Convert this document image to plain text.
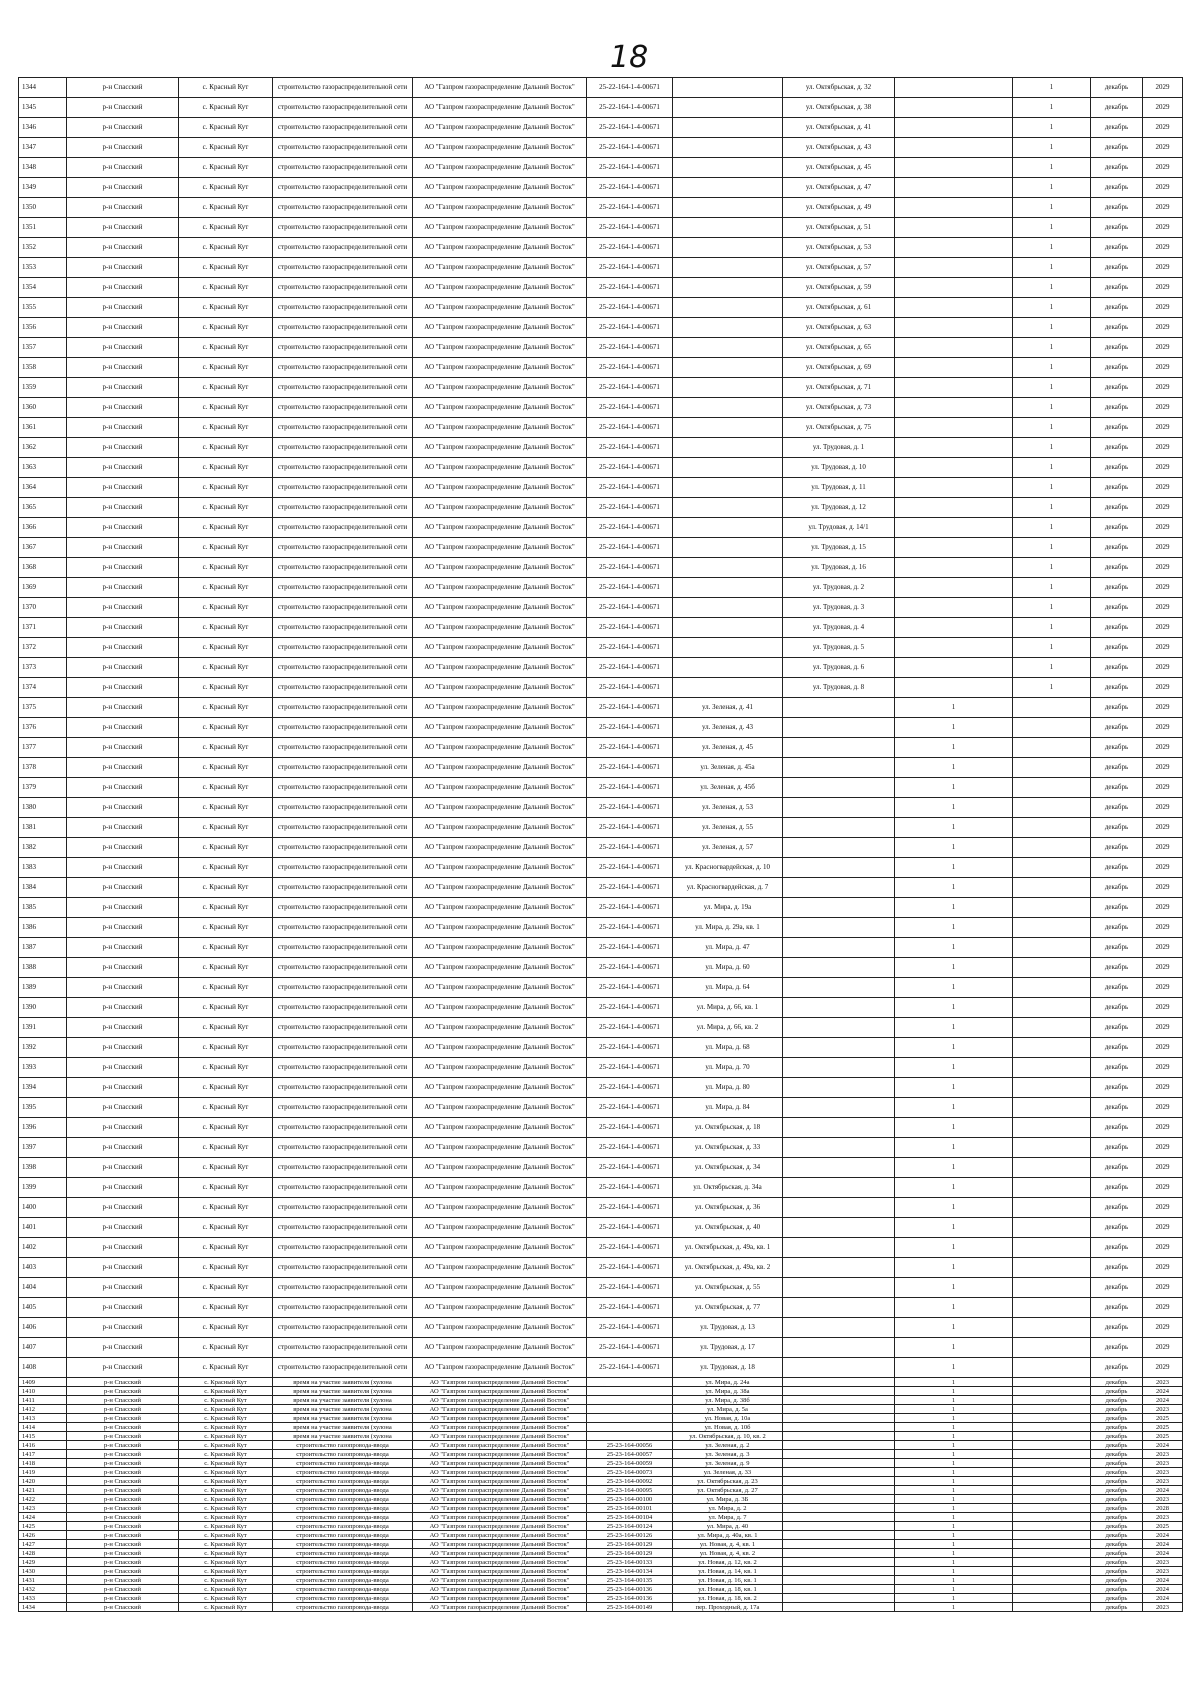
18
1344	р-н Спасский	с. Красный Кут	строительство газораспределительной сети	АО "Газпром газораспределение Дальний Восток"	25-22-164-1-4-00671		ул. Октябрьская, д. 32		1	декабрь	2029
1345	р-н Спасский	с. Красный Кут	строительство газораспределительной сети	АО "Газпром газораспределение Дальний Восток"	25-22-164-1-4-00671		ул. Октябрьская, д. 38		1	декабрь	2029
1346	р-н Спасский	с. Красный Кут	строительство газораспределительной сети	АО "Газпром газораспределение Дальний Восток"	25-22-164-1-4-00671		ул. Октябрьская, д. 41		1	декабрь	2029
1347	р-н Спасский	с. Красный Кут	строительство газораспределительной сети	АО "Газпром газораспределение Дальний Восток"	25-22-164-1-4-00671		ул. Октябрьская, д. 43		1	декабрь	2029
1348	р-н Спасский	с. Красный Кут	строительство газораспределительной сети	АО "Газпром газораспределение Дальний Восток"	25-22-164-1-4-00671		ул. Октябрьская, д. 45		1	декабрь	2029
1349	р-н Спасский	с. Красный Кут	строительство газораспределительной сети	АО "Газпром газораспределение Дальний Восток"	25-22-164-1-4-00671		ул. Октябрьская, д. 47		1	декабрь	2029
1350	р-н Спасский	с. Красный Кут	строительство газораспределительной сети	АО "Газпром газораспределение Дальний Восток"	25-22-164-1-4-00671		ул. Октябрьская, д. 49		1	декабрь	2029
1351	р-н Спасский	с. Красный Кут	строительство газораспределительной сети	АО "Газпром газораспределение Дальний Восток"	25-22-164-1-4-00671		ул. Октябрьская, д. 51		1	декабрь	2029
1352	р-н Спасский	с. Красный Кут	строительство газораспределительной сети	АО "Газпром газораспределение Дальний Восток"	25-22-164-1-4-00671		ул. Октябрьская, д. 53		1	декабрь	2029
1353	р-н Спасский	с. Красный Кут	строительство газораспределительной сети	АО "Газпром газораспределение Дальний Восток"	25-22-164-1-4-00671		ул. Октябрьская, д. 57		1	декабрь	2029
1354	р-н Спасский	с. Красный Кут	строительство газораспределительной сети	АО "Газпром газораспределение Дальний Восток"	25-22-164-1-4-00671		ул. Октябрьская, д. 59		1	декабрь	2029
1355	р-н Спасский	с. Красный Кут	строительство газораспределительной сети	АО "Газпром газораспределение Дальний Восток"	25-22-164-1-4-00671		ул. Октябрьская, д. 61		1	декабрь	2029
1356	р-н Спасский	с. Красный Кут	строительство газораспределительной сети	АО "Газпром газораспределение Дальний Восток"	25-22-164-1-4-00671		ул. Октябрьская, д. 63		1	декабрь	2029
1357	р-н Спасский	с. Красный Кут	строительство газораспределительной сети	АО "Газпром газораспределение Дальний Восток"	25-22-164-1-4-00671		ул. Октябрьская, д. 65		1	декабрь	2029
1358	р-н Спасский	с. Красный Кут	строительство газораспределительной сети	АО "Газпром газораспределение Дальний Восток"	25-22-164-1-4-00671		ул. Октябрьская, д. 69		1	декабрь	2029
1359	р-н Спасский	с. Красный Кут	строительство газораспределительной сети	АО "Газпром газораспределение Дальний Восток"	25-22-164-1-4-00671		ул. Октябрьская, д. 71		1	декабрь	2029
1360	р-н Спасский	с. Красный Кут	строительство газораспределительной сети	АО "Газпром газораспределение Дальний Восток"	25-22-164-1-4-00671		ул. Октябрьская, д. 73		1	декабрь	2029
1361	р-н Спасский	с. Красный Кут	строительство газораспределительной сети	АО "Газпром газораспределение Дальний Восток"	25-22-164-1-4-00671		ул. Октябрьская, д. 75		1	декабрь	2029
1362	р-н Спасский	с. Красный Кут	строительство газораспределительной сети	АО "Газпром газораспределение Дальний Восток"	25-22-164-1-4-00671		ул. Трудовая, д. 1		1	декабрь	2029
1363	р-н Спасский	с. Красный Кут	строительство газораспределительной сети	АО "Газпром газораспределение Дальний Восток"	25-22-164-1-4-00671		ул. Трудовая, д. 10		1	декабрь	2029
1364	р-н Спасский	с. Красный Кут	строительство газораспределительной сети	АО "Газпром газораспределение Дальний Восток"	25-22-164-1-4-00671		ул. Трудовая, д. 11		1	декабрь	2029
1365	р-н Спасский	с. Красный Кут	строительство газораспределительной сети	АО "Газпром газораспределение Дальний Восток"	25-22-164-1-4-00671		ул. Трудовая, д. 12		1	декабрь	2029
1366	р-н Спасский	с. Красный Кут	строительство газораспределительной сети	АО "Газпром газораспределение Дальний Восток"	25-22-164-1-4-00671		ул. Трудовая, д. 14/1		1	декабрь	2029
1367	р-н Спасский	с. Красный Кут	строительство газораспределительной сети	АО "Газпром газораспределение Дальний Восток"	25-22-164-1-4-00671		ул. Трудовая, д. 15		1	декабрь	2029
1368	р-н Спасский	с. Красный Кут	строительство газораспределительной сети	АО "Газпром газораспределение Дальний Восток"	25-22-164-1-4-00671		ул. Трудовая, д. 16		1	декабрь	2029
1369	р-н Спасский	с. Красный Кут	строительство газораспределительной сети	АО "Газпром газораспределение Дальний Восток"	25-22-164-1-4-00671		ул. Трудовая, д. 2		1	декабрь	2029
1370	р-н Спасский	с. Красный Кут	строительство газораспределительной сети	АО "Газпром газораспределение Дальний Восток"	25-22-164-1-4-00671		ул. Трудовая, д. 3		1	декабрь	2029
1371	р-н Спасский	с. Красный Кут	строительство газораспределительной сети	АО "Газпром газораспределение Дальний Восток"	25-22-164-1-4-00671		ул. Трудовая, д. 4		1	декабрь	2029
1372	р-н Спасский	с. Красный Кут	строительство газораспределительной сети	АО "Газпром газораспределение Дальний Восток"	25-22-164-1-4-00671		ул. Трудовая, д. 5		1	декабрь	2029
1373	р-н Спасский	с. Красный Кут	строительство газораспределительной сети	АО "Газпром газораспределение Дальний Восток"	25-22-164-1-4-00671		ул. Трудовая, д. 6		1	декабрь	2029
1374	р-н Спасский	с. Красный Кут	строительство газораспределительной сети	АО "Газпром газораспределение Дальний Восток"	25-22-164-1-4-00671		ул. Трудовая, д. 8		1	декабрь	2029
1375	р-н Спасский	с. Красный Кут	строительство газораспределительной сети	АО "Газпром газораспределение Дальний Восток"	25-22-164-1-4-00671	ул. Зеленая, д. 41		1		декабрь	2029
1376	р-н Спасский	с. Красный Кут	строительство газораспределительной сети	АО "Газпром газораспределение Дальний Восток"	25-22-164-1-4-00671	ул. Зеленая, д. 43		1		декабрь	2029
1377	р-н Спасский	с. Красный Кут	строительство газораспределительной сети	АО "Газпром газораспределение Дальний Восток"	25-22-164-1-4-00671	ул. Зеленая, д. 45		1		декабрь	2029
1378	р-н Спасский	с. Красный Кут	строительство газораспределительной сети	АО "Газпром газораспределение Дальний Восток"	25-22-164-1-4-00671	ул. Зеленая, д. 45а		1		декабрь	2029
1379	р-н Спасский	с. Красный Кут	строительство газораспределительной сети	АО "Газпром газораспределение Дальний Восток"	25-22-164-1-4-00671	ул. Зеленая, д. 45б		1		декабрь	2029
1380	р-н Спасский	с. Красный Кут	строительство газораспределительной сети	АО "Газпром газораспределение Дальний Восток"	25-22-164-1-4-00671	ул. Зеленая, д. 53		1		декабрь	2029
1381	р-н Спасский	с. Красный Кут	строительство газораспределительной сети	АО "Газпром газораспределение Дальний Восток"	25-22-164-1-4-00671	ул. Зеленая, д. 55		1		декабрь	2029
1382	р-н Спасский	с. Красный Кут	строительство газораспределительной сети	АО "Газпром газораспределение Дальний Восток"	25-22-164-1-4-00671	ул. Зеленая, д. 57		1		декабрь	2029
1383	р-н Спасский	с. Красный Кут	строительство газораспределительной сети	АО "Газпром газораспределение Дальний Восток"	25-22-164-1-4-00671	ул. Красногвардейская, д. 10		1		декабрь	2029
1384	р-н Спасский	с. Красный Кут	строительство газораспределительной сети	АО "Газпром газораспределение Дальний Восток"	25-22-164-1-4-00671	ул. Красногвардейская, д. 7		1		декабрь	2029
1385	р-н Спасский	с. Красный Кут	строительство газораспределительной сети	АО "Газпром газораспределение Дальний Восток"	25-22-164-1-4-00671	ул. Мира, д. 19а		1		декабрь	2029
1386	р-н Спасский	с. Красный Кут	строительство газораспределительной сети	АО "Газпром газораспределение Дальний Восток"	25-22-164-1-4-00671	ул. Мира, д. 29а, кв. 1		1		декабрь	2029
1387	р-н Спасский	с. Красный Кут	строительство газораспределительной сети	АО "Газпром газораспределение Дальний Восток"	25-22-164-1-4-00671	ул. Мира, д. 47		1		декабрь	2029
1388	р-н Спасский	с. Красный Кут	строительство газораспределительной сети	АО "Газпром газораспределение Дальний Восток"	25-22-164-1-4-00671	ул. Мира, д. 60		1		декабрь	2029
1389	р-н Спасский	с. Красный Кут	строительство газораспределительной сети	АО "Газпром газораспределение Дальний Восток"	25-22-164-1-4-00671	ул. Мира, д. 64		1		декабрь	2029
1390	р-н Спасский	с. Красный Кут	строительство газораспределительной сети	АО "Газпром газораспределение Дальний Восток"	25-22-164-1-4-00671	ул. Мира, д. 66, кв. 1		1		декабрь	2029
1391	р-н Спасский	с. Красный Кут	строительство газораспределительной сети	АО "Газпром газораспределение Дальний Восток"	25-22-164-1-4-00671	ул. Мира, д. 66, кв. 2		1		декабрь	2029
1392	р-н Спасский	с. Красный Кут	строительство газораспределительной сети	АО "Газпром газораспределение Дальний Восток"	25-22-164-1-4-00671	ул. Мира, д. 68		1		декабрь	2029
1393	р-н Спасский	с. Красный Кут	строительство газораспределительной сети	АО "Газпром газораспределение Дальний Восток"	25-22-164-1-4-00671	ул. Мира, д. 70		1		декабрь	2029
1394	р-н Спасский	с. Красный Кут	строительство газораспределительной сети	АО "Газпром газораспределение Дальний Восток"	25-22-164-1-4-00671	ул. Мира, д. 80		1		декабрь	2029
1395	р-н Спасский	с. Красный Кут	строительство газораспределительной сети	АО "Газпром газораспределение Дальний Восток"	25-22-164-1-4-00671	ул. Мира, д. 84		1		декабрь	2029
1396	р-н Спасский	с. Красный Кут	строительство газораспределительной сети	АО "Газпром газораспределение Дальний Восток"	25-22-164-1-4-00671	ул. Октябрьская, д. 18		1		декабрь	2029
1397	р-н Спасский	с. Красный Кут	строительство газораспределительной сети	АО "Газпром газораспределение Дальний Восток"	25-22-164-1-4-00671	ул. Октябрьская, д. 33		1		декабрь	2029
1398	р-н Спасский	с. Красный Кут	строительство газораспределительной сети	АО "Газпром газораспределение Дальний Восток"	25-22-164-1-4-00671	ул. Октябрьская, д. 34		1		декабрь	2029
1399	р-н Спасский	с. Красный Кут	строительство газораспределительной сети	АО "Газпром газораспределение Дальний Восток"	25-22-164-1-4-00671	ул. Октябрьская, д. 34а		1		декабрь	2029
1400	р-н Спасский	с. Красный Кут	строительство газораспределительной сети	АО "Газпром газораспределение Дальний Восток"	25-22-164-1-4-00671	ул. Октябрьская, д. 36		1		декабрь	2029
1401	р-н Спасский	с. Красный Кут	строительство газораспределительной сети	АО "Газпром газораспределение Дальний Восток"	25-22-164-1-4-00671	ул. Октябрьская, д. 40		1		декабрь	2029
1402	р-н Спасский	с. Красный Кут	строительство газораспределительной сети	АО "Газпром газораспределение Дальний Восток"	25-22-164-1-4-00671	ул. Октябрьская, д. 49а, кв. 1		1		декабрь	2029
1403	р-н Спасский	с. Красный Кут	строительство газораспределительной сети	АО "Газпром газораспределение Дальний Восток"	25-22-164-1-4-00671	ул. Октябрьская, д. 49а, кв. 2		1		декабрь	2029
1404	р-н Спасский	с. Красный Кут	строительство газораспределительной сети	АО "Газпром газораспределение Дальний Восток"	25-22-164-1-4-00671	ул. Октябрьская, д. 55		1		декабрь	2029
1405	р-н Спасский	с. Красный Кут	строительство газораспределительной сети	АО "Газпром газораспределение Дальний Восток"	25-22-164-1-4-00671	ул. Октябрьская, д. 77		1		декабрь	2029
1406	р-н Спасский	с. Красный Кут	строительство газораспределительной сети	АО "Газпром газораспределение Дальний Восток"	25-22-164-1-4-00671	ул. Трудовая, д. 13		1		декабрь	2029
1407	р-н Спасский	с. Красный Кут	строительство газораспределительной сети	АО "Газпром газораспределение Дальний Восток"	25-22-164-1-4-00671	ул. Трудовая, д. 17		1		декабрь	2029
1408	р-н Спасский	с. Красный Кут	строительство газораспределительной сети	АО "Газпром газораспределение Дальний Восток"	25-22-164-1-4-00671	ул. Трудовая, д. 18		1		декабрь	2029
1409	р-н Спасский	с. Красный Кут	время на участие заявителя (хулона	АО "Газпром газораспределение Дальний Восток"		ул. Мира, д. 24а		1		декабрь	2023
1410	р-н Спасский	с. Красный Кут	время на участие заявителя (хулона	АО "Газпром газораспределение Дальний Восток"		ул. Мира, д. 38а		1		декабрь	2024
1411	р-н Спасский	с. Красный Кут	время на участие заявителя (хулона	АО "Газпром газораспределение Дальний Восток"		ул. Мира, д. 38б		1		декабрь	2024
1412	р-н Спасский	с. Красный Кут	время на участие заявителя (хулона	АО "Газпром газораспределение Дальний Восток"		ул. Мира, д. 5а		1		декабрь	2023
1413	р-н Спасский	с. Красный Кут	время на участие заявителя (хулона	АО "Газпром газораспределение Дальний Восток"		ул. Новая, д. 10а		1		декабрь	2025
1414	р-н Спасский	с. Красный Кут	время на участие заявителя (хулона	АО "Газпром газораспределение Дальний Восток"		ул. Новая, д. 10б		1		декабрь	2025
1415	р-н Спасский	с. Красный Кут	время на участие заявителя (хулона	АО "Газпром газораспределение Дальний Восток"		ул. Октябрьская, д. 10, кв. 2		1		декабрь	2025
1416	р-н Спасский	с. Красный Кут	строительство газопровода-ввода	АО "Газпром газораспределение Дальний Восток"	25-23-164-00056	ул. Зеленая, д. 2		1		декабрь	2024
1417	р-н Спасский	с. Красный Кут	строительство газопровода-ввода	АО "Газпром газораспределение Дальний Восток"	25-23-164-00057	ул. Зеленая, д. 3		1		декабрь	2023
1418	р-н Спасский	с. Красный Кут	строительство газопровода-ввода	АО "Газпром газораспределение Дальний Восток"	25-23-164-00059	ул. Зеленая, д. 9		1		декабрь	2023
1419	р-н Спасский	с. Красный Кут	строительство газопровода-ввода	АО "Газпром газораспределение Дальний Восток"	25-23-164-00073	ул. Зеленая, д. 33		1		декабрь	2023
1420	р-н Спасский	с. Красный Кут	строительство газопровода-ввода	АО "Газпром газораспределение Дальний Восток"	25-23-164-00092	ул. Октябрьская, д. 23		1		декабрь	2023
1421	р-н Спасский	с. Красный Кут	строительство газопровода-ввода	АО "Газпром газораспределение Дальний Восток"	25-23-164-00095	ул. Октябрьская, д. 27		1		декабрь	2024
1422	р-н Спасский	с. Красный Кут	строительство газопровода-ввода	АО "Газпром газораспределение Дальний Восток"	25-23-164-00100	ул. Мира, д. 3Б		1		декабрь	2023
1423	р-н Спасский	с. Красный Кут	строительство газопровода-ввода	АО "Газпром газораспределение Дальний Восток"	25-23-164-00101	ул. Мира, д. 2		1		декабрь	2028
1424	р-н Спасский	с. Красный Кут	строительство газопровода-ввода	АО "Газпром газораспределение Дальний Восток"	25-23-164-00104	ул. Мира, д. 7		1		декабрь	2023
1425	р-н Спасский	с. Красный Кут	строительство газопровода-ввода	АО "Газпром газораспределение Дальний Восток"	25-23-164-00124	ул. Мира, д. 40		1		декабрь	2025
1426	р-н Спасский	с. Красный Кут	строительство газопровода-ввода	АО "Газпром газораспределение Дальний Восток"	25-23-164-00126	ул. Мира, д. 40а, кв. 1		1		декабрь	2024
1427	р-н Спасский	с. Красный Кут	строительство газопровода-ввода	АО "Газпром газораспределение Дальний Восток"	25-23-164-00129	ул. Новая, д. 4, кв. 1		1		декабрь	2024
1428	р-н Спасский	с. Красный Кут	строительство газопровода-ввода	АО "Газпром газораспределение Дальний Восток"	25-23-164-00129	ул. Новая, д. 4, кв. 2		1		декабрь	2024
1429	р-н Спасский	с. Красный Кут	строительство газопровода-ввода	АО "Газпром газораспределение Дальний Восток"	25-23-164-00133	ул. Новая, д. 12, кв. 2		1		декабрь	2023
1430	р-н Спасский	с. Красный Кут	строительство газопровода-ввода	АО "Газпром газораспределение Дальний Восток"	25-23-164-00134	ул. Новая, д. 14, кв. 1		1		декабрь	2023
1431	р-н Спасский	с. Красный Кут	строительство газопровода-ввода	АО "Газпром газораспределение Дальний Восток"	25-23-164-00135	ул. Новая, д. 16, кв. 1		1		декабрь	2024
1432	р-н Спасский	с. Красный Кут	строительство газопровода-ввода	АО "Газпром газораспределение Дальний Восток"	25-23-164-00136	ул. Новая, д. 18, кв. 1		1		декабрь	2024
1433	р-н Спасский	с. Красный Кут	строительство газопровода-ввода	АО "Газпром газораспределение Дальний Восток"	25-23-164-00136	ул. Новая, д. 18, кв. 2		1		декабрь	2024
1434	р-н Спасский	с. Красный Кут	строительство газопровода-ввода	АО "Газпром газораспределение Дальний Восток"	25-23-164-00149	пер. Проходный, д. 17а		1		декабрь	2023
